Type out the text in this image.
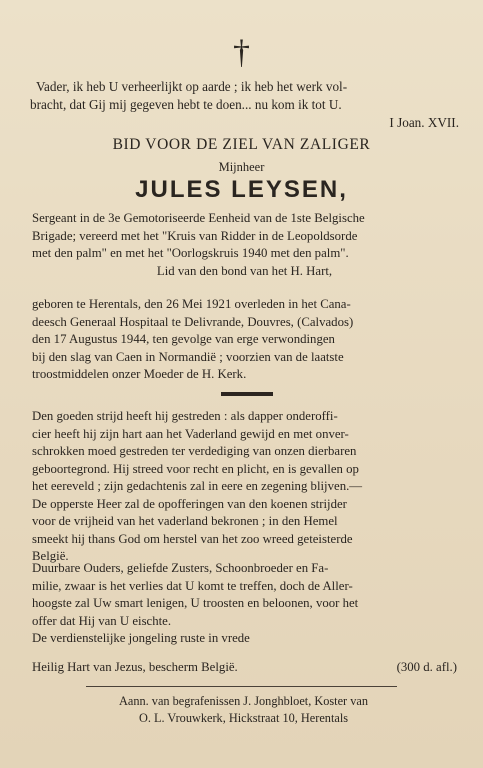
†
Vader, ik heb U verheerlijkt op aarde ; ik heb het werk vol-
bracht, dat Gij mij gegeven hebt te doen... nu kom ik tot U.
I Joan. XVII.
BID VOOR DE ZIEL VAN ZALIGER
Mijnheer
JULES LEYSEN,
Sergeant in de 3e Gemotoriseerde Eenheid van de 1ste Belgische
Brigade; vereerd met het "Kruis van Ridder in de Leopoldsorde
met den palm" en met het "Oorlogskruis 1940 met den palm".
Lid van den bond van het H. Hart,
geboren te Herentals, den 26 Mei 1921 overleden in het Cana-
deesch Generaal Hospitaal te Delivrande, Douvres, (Calvados)
den 17 Augustus 1944, ten gevolge van erge verwondingen
bij den slag van Caen in Normandië ; voorzien van de laatste
troostmiddelen onzer Moeder de H. Kerk.
Den goeden strijd heeft hij gestreden : als dapper onderoffi-
cier heeft hij zijn hart aan het Vaderland gewijd en met onver-
schrokken moed gestreden ter verdediging van onzen dierbaren
geboortegrond. Hij streed voor recht en plicht, en is gevallen op
het eereveld ; zijn gedachtenis zal in eere en zegening blijven.—
De opperste Heer zal de opofferingen van den koenen strijder
voor de vrijheid van het vaderland bekronen ; in den Hemel
smeekt hij thans God om herstel van het zoo wreed geteisterde
België.
Duurbare Ouders, geliefde Zusters, Schoonbroeder en Fa-
milie, zwaar is het verlies dat U komt te treffen, doch de Aller-
hoogste zal Uw smart lenigen, U troosten en beloonen, voor het
offer dat Hij van U eischte.
De verdienstelijke jongeling ruste in vrede
Heilig Hart van Jezus, bescherm België.	(300 d. afl.)
Aann. van begrafenissen J. Jonghbloet, Koster van
O. L. Vrouwkerk, Hickstraat 10, Herentals
